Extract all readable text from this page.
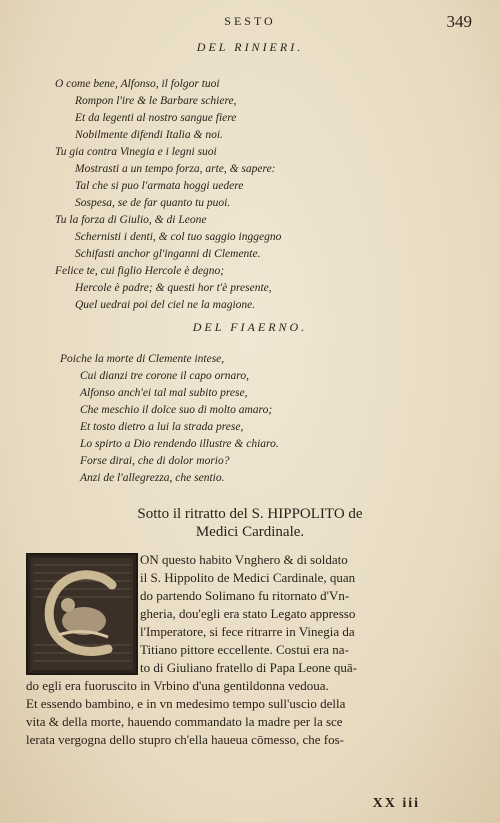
SESTO	349
DEL RINIERI.
O come bene, Alfonso, il folgor tuoi
Rompon l'ire & le Barbare schiere,
Et da legenti al nostro sangue fiere
Nobilmente difendi Italia & noi.
Tu gia contra Vinegia e i legni suoi
Mostrasti a un tempo forza, arte, & sapere:
Tal che si puo l'armata hoggi uedere
Sospesa, se de far quanto tu puoi.
Tu la forza di Giulio, & di Leone
Schernisti i denti, & col tuo saggio inggegno
Schifasti anchor gl'inganni di Clemente.
Felice te, cui figlio Hercole è degno;
Hercole è padre; & questi hor t'è presente,
Quel uedrai poi del ciel ne la magione.
DEL FIAERNO.
Poiche la morte di Clemente intese,
Cui dianzi tre corone il capo ornaro,
Alfonso anch'ei tal mal subito prese,
Che meschio il dolce suo di molto amaro;
Et tosto dietro a lui la strada prese,
Lo spirto a Dio rendendo illustre & chiaro.
Forse dirai, che di dolor morio?
Anzi de l'allegrezza, che sentio.
Sotto il ritratto del S. HIPPOLITO de
Medici Cardinale.
ON questo habito Vnghero & di soldato
il S. Hippolito de Medici Cardinale, quan
do partendo Solimano fu ritornato d'Vn-
gheria, dou'egli era stato Legato appresso
l'Imperatore, si fece ritrarre in Vinegia da
Titiano pittore eccellente. Costui era na-
to di Giuliano fratello di Papa Leone quā-
do egli era fuoruscito in Vrbino d'una gentildonna vedoua.
Et essendo bambino, e in vn medesimo tempo sull'uscio della
vita & della morte, hauendo commandato la madre per la sce
lerata vergogna dello stupro ch'ella haueua cōmesso, che fos-
XX iii
